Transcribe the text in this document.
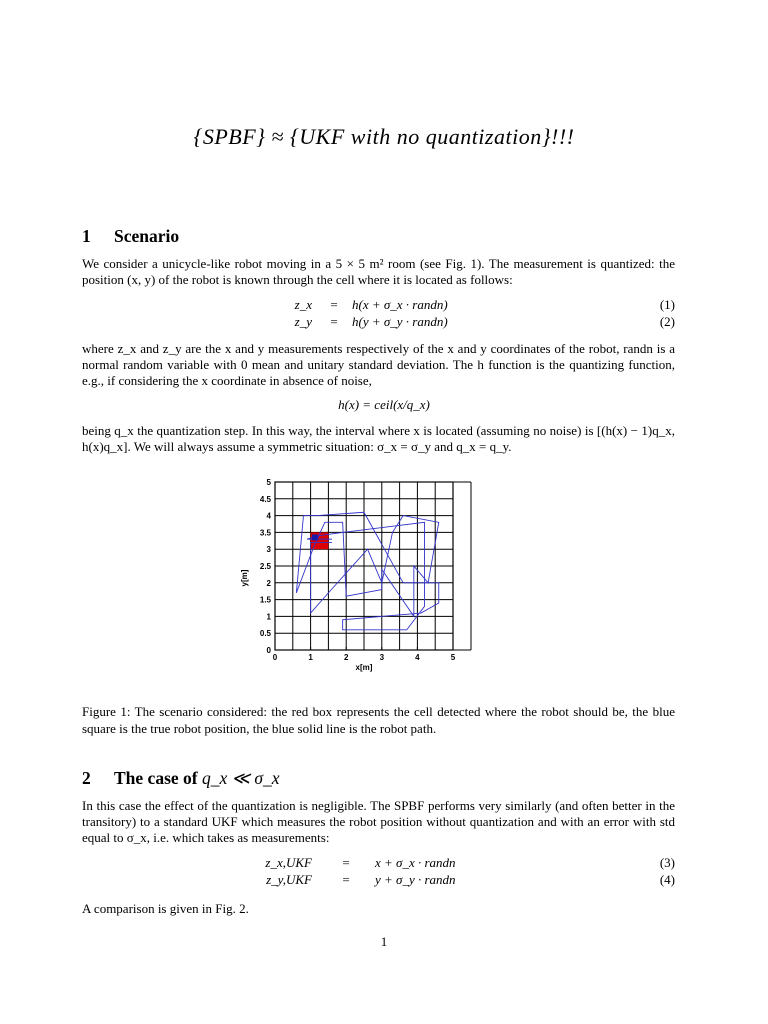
{SPBF} ≈ {UKF with no quantization}!!!
1 Scenario
We consider a unicycle-like robot moving in a 5 × 5 m² room (see Fig. 1). The measurement is quantized: the position (x, y) of the robot is known through the cell where it is located as follows:
z_x	=	h(x + σ_x · randn)	(1)
z_y	=	h(y + σ_y · randn)	(2)
where z_x and z_y are the x and y measurements respectively of the x and y coordinates of the robot, randn is a normal random variable with 0 mean and unitary standard deviation. The h function is the quantizing function, e.g., if considering the x coordinate in absence of noise,
h(x) = ceil(x/q_x)
being q_x the quantization step. In this way, the interval where x is located (assuming no noise) is [(h(x) − 1)q_x, h(x)q_x]. We will always assume a symmetric situation: σ_x = σ_y and q_x = q_y.
0	1	2	3	4	5
0
0.5
1
1.5
2
2.5
3
3.5
4
4.5
5
x[m]
y[m]
Figure 1: The scenario considered: the red box represents the cell detected where the robot should be, the blue square is the true robot position, the blue solid line is the robot path.
2 The case of q_x ≪ σ_x
In this case the effect of the quantization is negligible. The SPBF performs very similarly (and often better in the transitory) to a standard UKF which measures the robot position without quantization and with an error with std equal to σ_x, i.e. which takes as measurements:
z_x,UKF	=	x + σ_x · randn	(3)
z_y,UKF	=	y + σ_y · randn	(4)
A comparison is given in Fig. 2.
1
